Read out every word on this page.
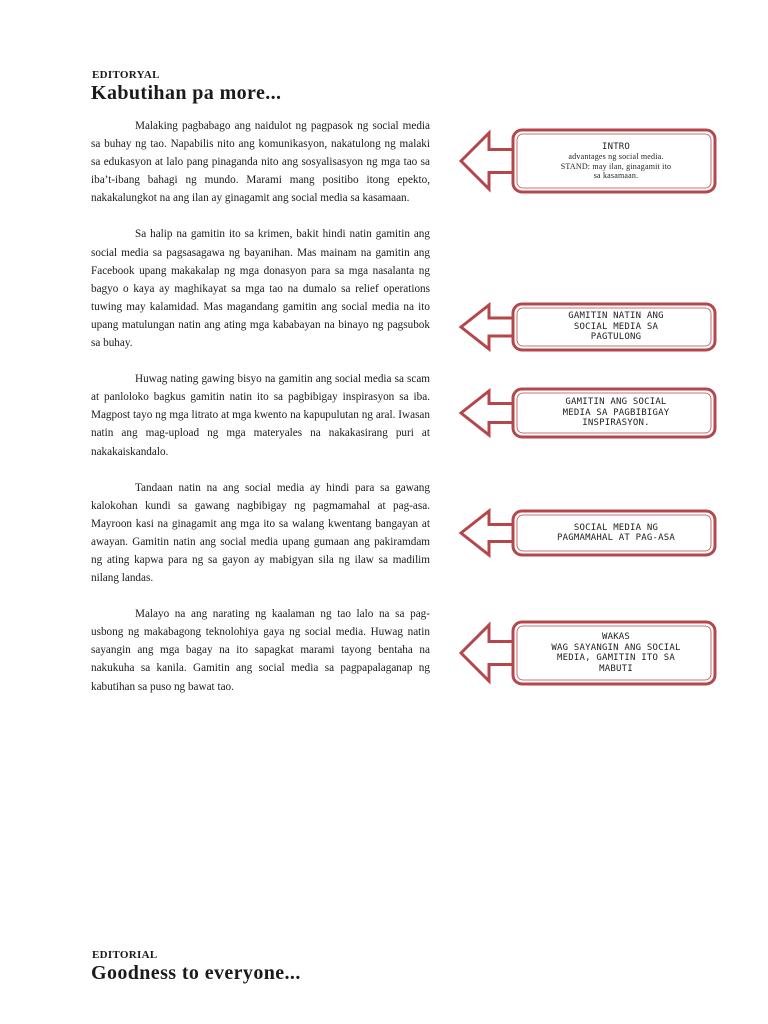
EDITORYAL

Kabutihan pa more...

Malaking pagbabago ang naidulot ng pagpasok ng social media sa buhay ng tao. Napabilis nito ang komunikasyon, nakatulong ng malaki sa edukasyon at lalo pang pinaganda nito ang sosyalisasyon ng mga tao sa iba’t-ibang bahagi ng mundo. Marami mang positibo itong epekto, nakakalungkot na ang ilan ay ginagamit ang social media sa kasamaan.

Sa halip na gamitin ito sa krimen, bakit hindi natin gamitin ang social media sa pagsasagawa ng bayanihan. Mas mainam na gamitin ang Facebook upang makakalap ng mga donasyon para sa mga nasalanta ng bagyo o kaya ay maghikayat sa mga tao na dumalo sa relief operations tuwing may kalamidad. Mas magandang gamitin ang social media na ito upang matulungan natin ang ating mga kababayan na binayo ng pagsubok sa buhay.

Huwag nating gawing bisyo na gamitin ang social media sa scam at panloloko bagkus gamitin natin ito sa pagbibigay inspirasyon sa iba. Magpost tayo ng mga litrato at mga kwento na kapupulutan ng aral. Iwasan natin ang mag-upload ng mga materyales na nakakasirang puri at nakakaiskandalo.

Tandaan natin na ang social media ay hindi para sa gawang kalokohan kundi sa gawang nagbibigay ng pagmamahal at pag-asa. Mayroon kasi na ginagamit ang mga ito sa walang kwentang bangayan at awayan. Gamitin natin ang social media upang gumaan ang pakiramdam ng ating kapwa para ng sa gayon ay mabigyan sila ng ilaw sa madilim nilang landas.

Malayo na ang narating ng kaalaman ng tao lalo na sa pag-usbong ng makabagong teknolohiya gaya ng social media. Huwag natin sayangin ang mga bagay na ito sapagkat marami tayong bentaha na nakukuha sa kanila. Gamitin ang social media sa pagpapalaganap ng kabutihan sa puso ng bawat tao.

INTRO
advantages ng social media.
STAND: may ilan, ginagamit ito
sa kasamaan.
GAMITIN NATIN ANG
SOCIAL MEDIA SA
PAGTULONG
GAMITIN ANG SOCIAL
MEDIA SA PAGBIBIGAY
INSPIRASYON.
SOCIAL MEDIA NG
PAGMAMAHAL AT PAG-ASA
WAKAS
WAG SAYANGIN ANG SOCIAL
MEDIA, GAMITIN ITO SA
MABUTI

EDITORIAL

Goodness to everyone...
